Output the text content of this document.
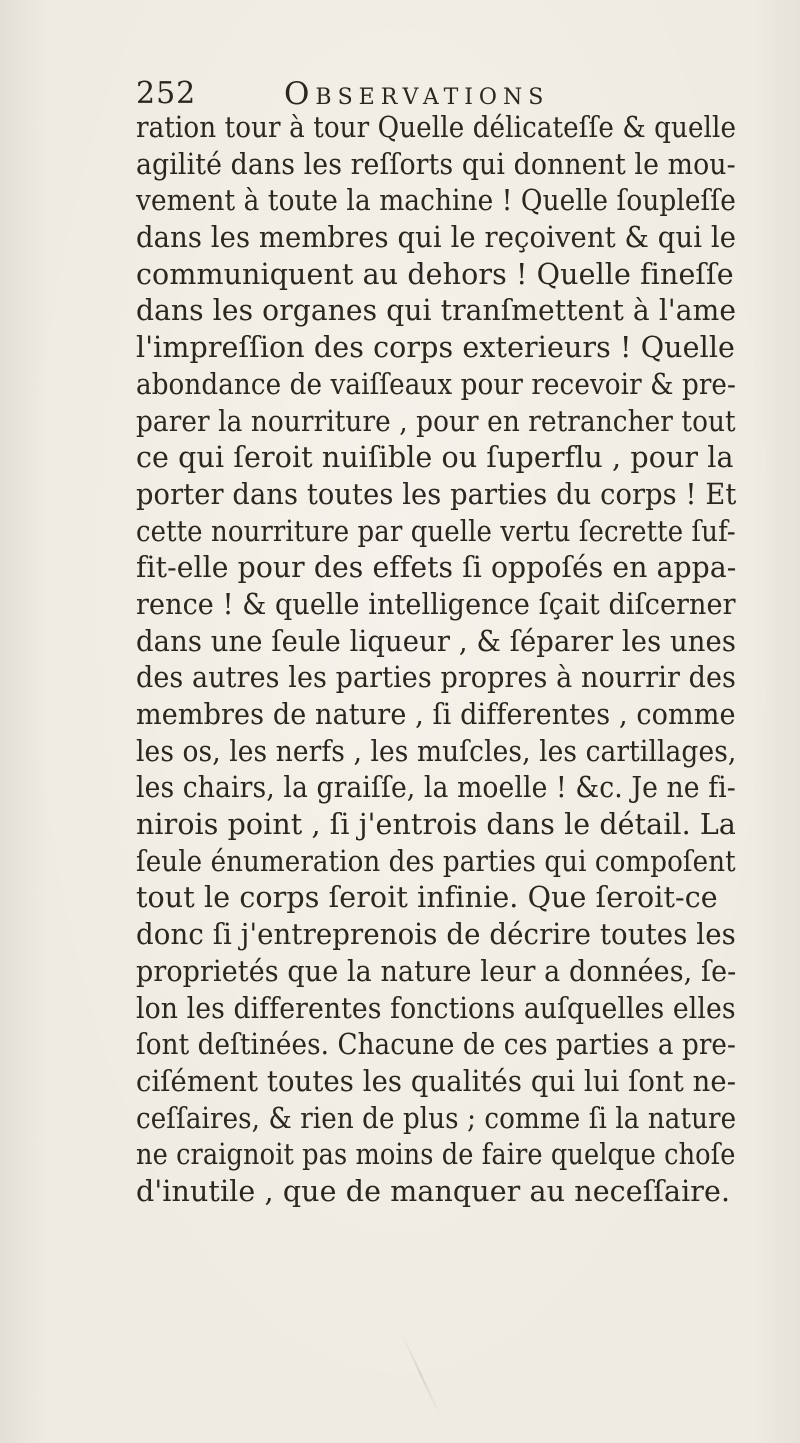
252	Observations
ration tour à tour Quelle délicateſſe & quelle
agilité dans les reſſorts qui donnent le mou-
vement à toute la machine ! Quelle ſoupleſſe
dans les membres qui le reçoivent & qui le
communiquent au dehors ! Quelle fineſſe
dans les organes qui tranſmettent à l'ame
l'impreſſion des corps exterieurs ! Quelle
abondance de vaiſſeaux pour recevoir & pre-
parer la nourriture , pour en retrancher tout
ce qui ſeroit nuiſible ou ſuperflu , pour la
porter dans toutes les parties du corps ! Et
cette nourriture par quelle vertu ſecrette ſuf-
fit-elle pour des effets ſi oppoſés en appa-
rence ! & quelle intelligence ſçait diſcerner
dans une ſeule liqueur , & ſéparer les unes
des autres les parties propres à nourrir des
membres de nature , ſi differentes , comme
les os, les nerfs , les muſcles, les cartillages,
les chairs, la graiſſe, la moelle ! &c. Je ne fi-
nirois point , ſi j'entrois dans le détail. La
ſeule énumeration des parties qui compoſent
tout le corps ſeroit infinie. Que ſeroit-ce
donc ſi j'entreprenois de décrire toutes les
proprietés que la nature leur a données, ſe-
lon les differentes fonctions auſquelles elles
ſont deſtinées. Chacune de ces parties a pre-
ciſément toutes les qualités qui lui ſont ne-
ceſſaires, & rien de plus ; comme ſi la nature
ne craignoit pas moins de faire quelque choſe
d'inutile , que de manquer au neceſſaire.
